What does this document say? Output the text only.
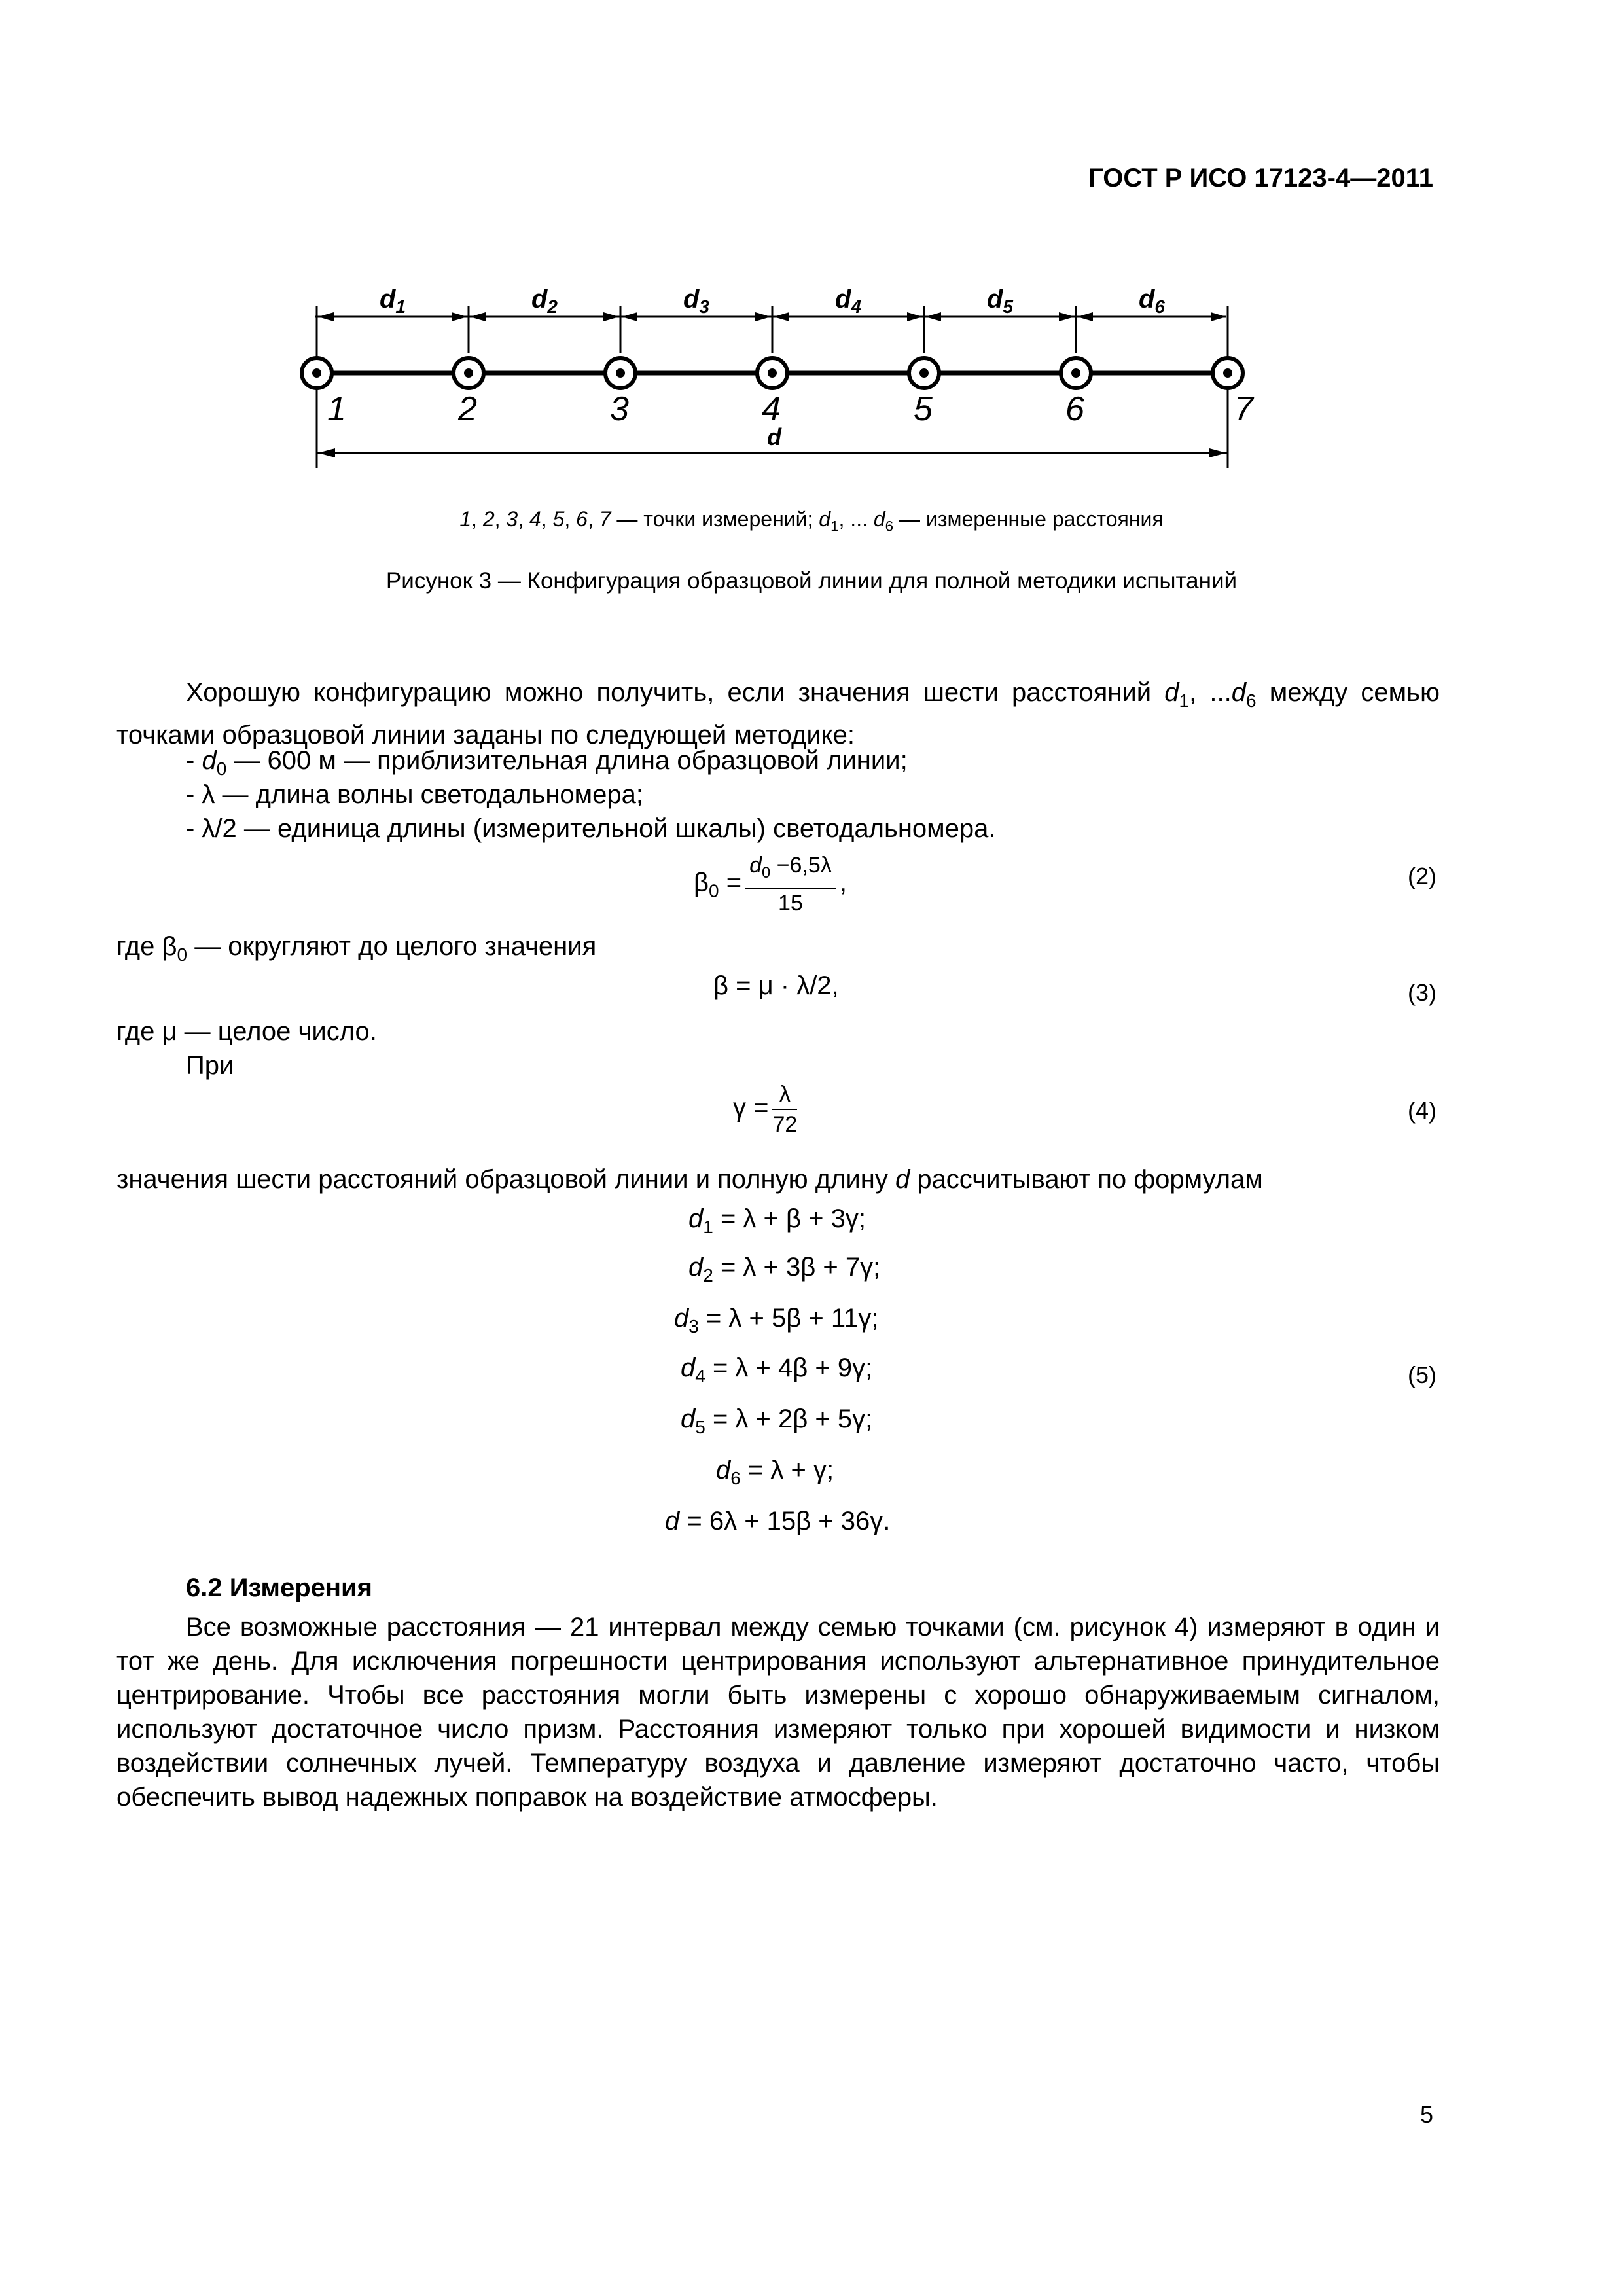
ГОСТ Р ИСО 17123-4—2011
$d_1$	$d_2$	$d_3$	$d_4$	$d_5$	$d_6$
1	2	3	4	5	6	7
d
1, 2, 3, 4, 5, 6, 7 — точки измерений; $d_1$, ... $d_6$ — измеренные расстояния
Рисунок 3 — Конфигурация образцовой линии для полной методики испытаний
Хорошую конфигурацию можно получить, если значения шести расстояний $d_1$, $...d_6$ между семью точками образцовой линии заданы по следующей методике:
- $d_0$ — 600 м — приблизительная длина образцовой линии;
- λ — длина волны светодальномера;
- λ/2 — единица длины (измерительной шкалы) светодальномера.
$\beta_0 = \frac{d_0 -6,5\lambda}{15}$ ,	(2)
где $\beta_0$ — округляют до целого значения
β = μ · λ/2,	(3)
где μ — целое число.
При
$\gamma = \frac{\lambda}{72}$	(4)
значения шести расстояний образцовой линии и полную длину d рассчитывают по формулам
$d_1 = \lambda + \beta + 3\gamma$;
$d_2 = \lambda + 3\beta + 7\gamma$;
$d_3 = \lambda + 5\beta + 11\gamma$;
$d_4 = \lambda + 4\beta + 9\gamma$;
$d_5 = \lambda + 2\beta + 5\gamma$;
$d_6 = \lambda + \gamma$;
d = 6λ + 15β + 36γ.
(5)
6.2 Измерения
Все возможные расстояния — 21 интервал между семью точками (см. рисунок 4) измеряют в один и тот же день. Для исключения погрешности центрирования используют альтернативное принудительное центрирование. Чтобы все расстояния могли быть измерены с хорошо обнаруживаемым сигналом, используют достаточное число призм. Расстояния измеряют только при хорошей видимости и низком воздействии солнечных лучей. Температуру воздуха и давление измеряют достаточно часто, чтобы обеспечить вывод надежных поправок на воздействие атмосферы.
5
